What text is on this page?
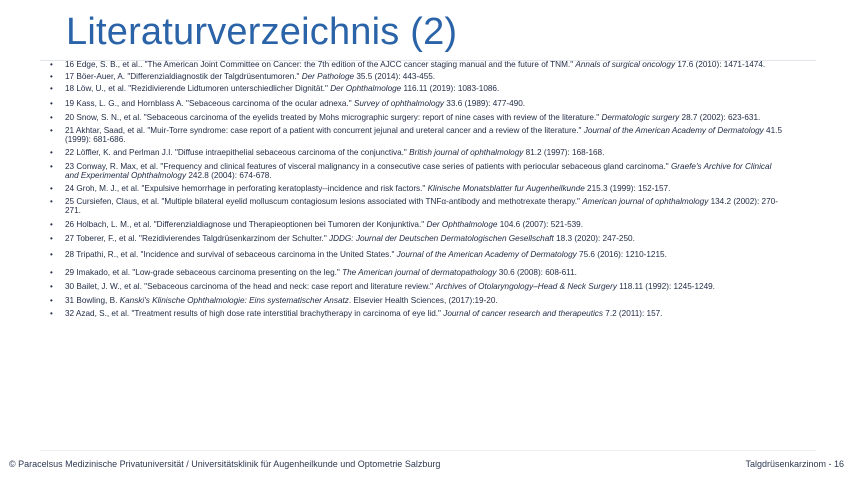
Literaturverzeichnis (2)
• 16 Edge, S. B., et al.. "The American Joint Committee on Cancer: the 7th edition of the AJCC cancer staging manual and the future of TNM." Annals of surgical oncology 17.6 (2010): 1471-1474.
• 17 Böer-Auer, A. "Differenzialdiagnostik der Talgdrüsentumoren." Der Pathologe 35.5 (2014): 443-455.
• 18 Löw, U., et al. "Rezidivierende Lidtumoren unterschiedlicher Dignität." Der Ophthalmologe 116.11 (2019): 1083-1086.
• 19 Kass, L. G., and Hornblass A. "Sebaceous carcinoma of the ocular adnexa." Survey of ophthalmology 33.6 (1989): 477-490.
• 20 Snow, S. N., et al. "Sebaceous carcinoma of the eyelids treated by Mohs micrographic surgery: report of nine cases with review of the literature." Dermatologic surgery 28.7 (2002): 623-631.
• 21 Akhtar, Saad, et al. "Muir-Torre syndrome: case report of a patient with concurrent jejunal and ureteral cancer and a review of the literature." Journal of the American Academy of Dermatology 41.5 (1999): 681-686.
• 22 Löffler, K. and Perlman J.I. "Diffuse intraepithelial sebaceous carcinoma of the conjunctiva." British journal of ophthalmology 81.2 (1997): 168-168.
• 23 Conway, R. Max, et al. "Frequency and clinical features of visceral malignancy in a consecutive case series of patients with periocular sebaceous gland carcinoma." Graefe's Archive for Clinical and Experimental Ophthalmology 242.8 (2004): 674-678.
• 24 Groh, M. J., et al. "Expulsive hemorrhage in perforating keratoplasty--incidence and risk factors." Klinische Monatsblatter fur Augenheilkunde 215.3 (1999): 152-157.
• 25 Cursiefen, Claus, et al. "Multiple bilateral eyelid molluscum contagiosum lesions associated with TNFα-antibody and methotrexate therapy." American journal of ophthalmology 134.2 (2002): 270-271.
• 26 Holbach, L. M., et al. "Differenzialdiagnose und Therapieoptionen bei Tumoren der Konjunktiva." Der Ophthalmologe 104.6 (2007): 521-539.
• 27 Toberer, F., et al. "Rezidivierendes Talgdrüsenkarzinom der Schulter." JDDG: Journal der Deutschen Dermatologischen Gesellschaft 18.3 (2020): 247-250.
• 28 Tripathi, R., et al. "Incidence and survival of sebaceous carcinoma in the United States." Journal of the American Academy of Dermatology 75.6 (2016): 1210-1215.
• 29 Imakado, et al. "Low-grade sebaceous carcinoma presenting on the leg." The American journal of dermatopathology 30.6 (2008): 608-611.
• 30 Bailet, J. W., et al. "Sebaceous carcinoma of the head and neck: case report and literature review." Archives of Otolaryngology–Head & Neck Surgery 118.11 (1992): 1245-1249.
• 31 Bowling, B. Kanski's Klinische Ophthalmologie: Eins systematischer Ansatz. Elsevier Health Sciences, (2017):19-20.
• 32 Azad, S., et al. "Treatment results of high dose rate interstitial brachytherapy in carcinoma of eye lid." Journal of cancer research and therapeutics 7.2 (2011): 157.
© Paracelsus Medizinische Privatuniversität / Universitätsklinik für Augenheilkunde und Optometrie Salzburg	Talgdrüsenkarzinom - 16
